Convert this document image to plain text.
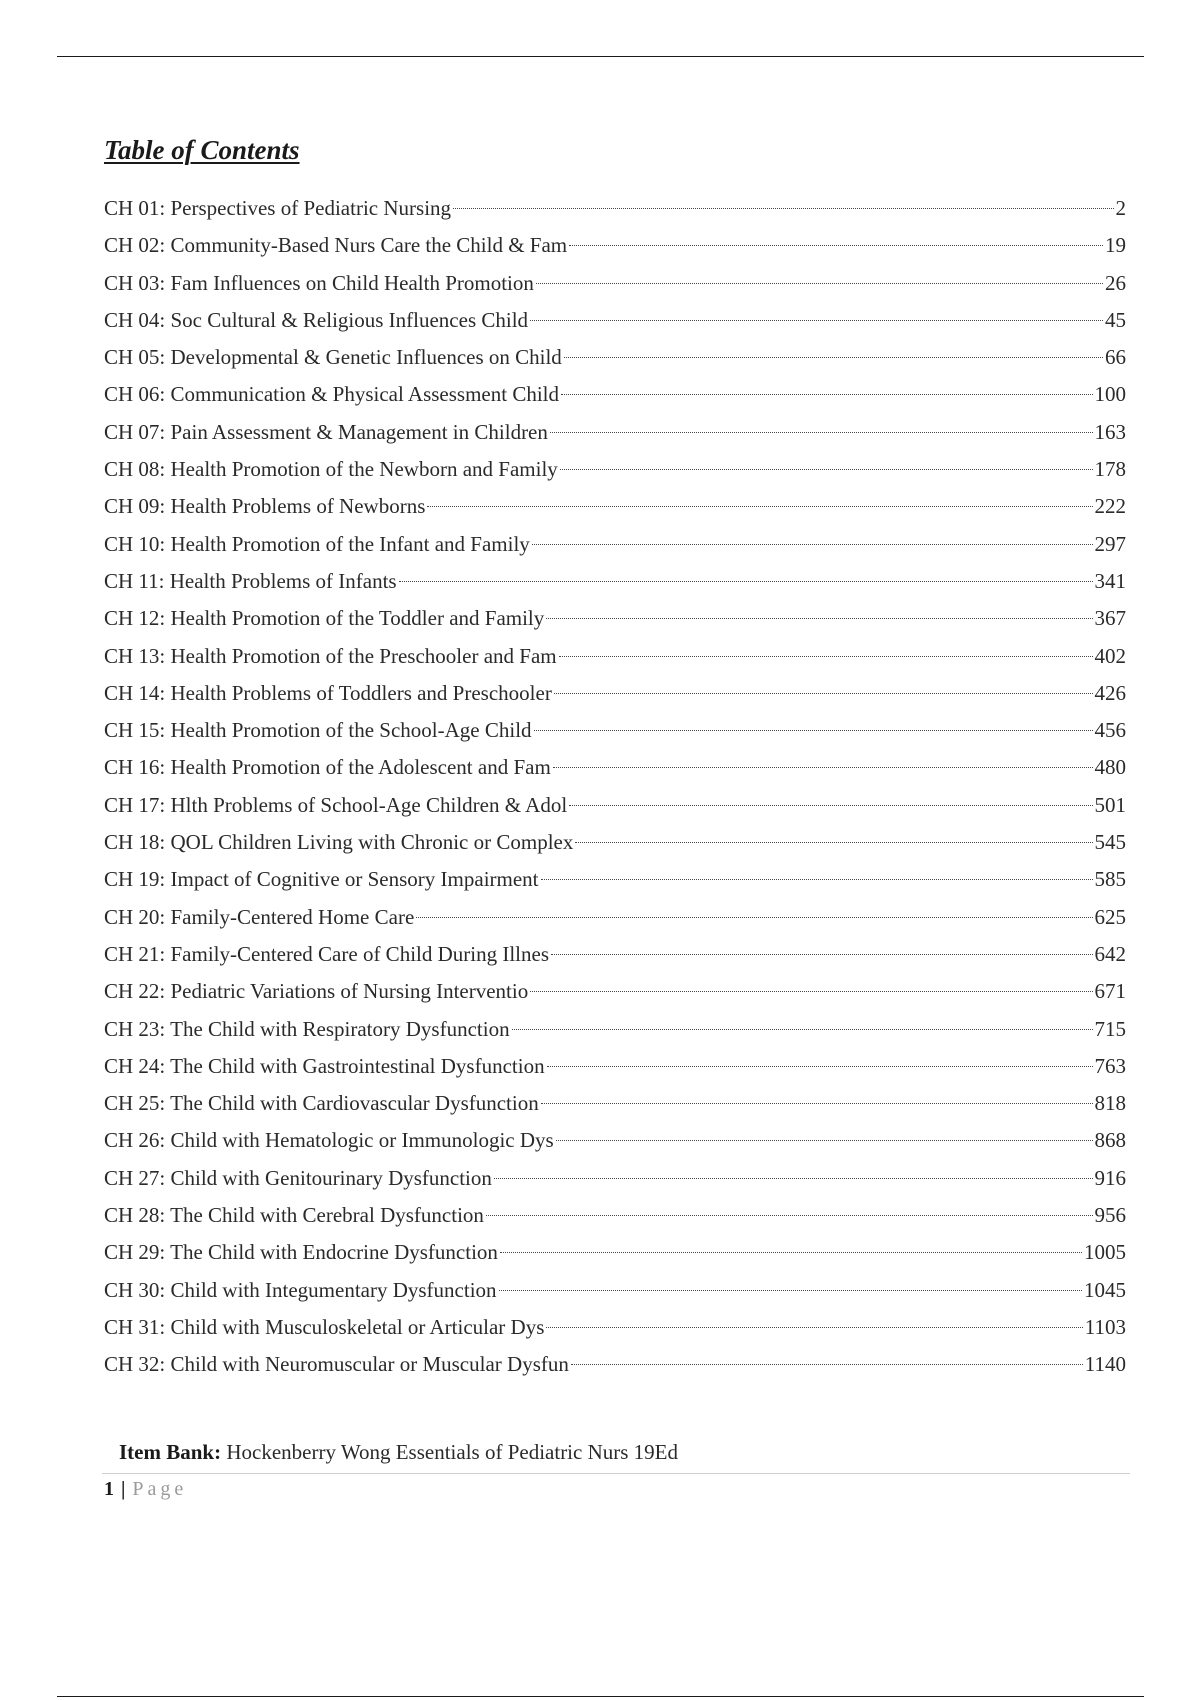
Table of Contents
CH 01: Perspectives of Pediatric Nursing	2
CH 02: Community-Based Nurs Care the Child & Fam	19
CH 03: Fam Influences on Child Health Promotion	26
CH 04: Soc Cultural & Religious Influences Child	45
CH 05: Developmental & Genetic Influences on Child	66
CH 06: Communication & Physical Assessment Child	100
CH 07: Pain Assessment & Management in Children	163
CH 08: Health Promotion of the Newborn and Family	178
CH 09: Health Problems of Newborns	222
CH 10: Health Promotion of the Infant and Family	297
CH 11: Health Problems of Infants	341
CH 12: Health Promotion of the Toddler and Family	367
CH 13: Health Promotion of the Preschooler and Fam	402
CH 14: Health Problems of Toddlers and Preschooler	426
CH 15: Health Promotion of the School-Age Child	456
CH 16: Health Promotion of the Adolescent and Fam	480
CH 17: Hlth Problems of School-Age Children & Adol	501
CH 18: QOL Children Living with Chronic or Complex	545
CH 19: Impact of Cognitive or Sensory Impairment	585
CH 20: Family-Centered Home Care	625
CH 21: Family-Centered Care of Child During Illnes	642
CH 22: Pediatric Variations of Nursing Interventio	671
CH 23: The Child with Respiratory Dysfunction	715
CH 24: The Child with Gastrointestinal Dysfunction	763
CH 25: The Child with Cardiovascular Dysfunction	818
CH 26: Child with Hematologic or Immunologic Dys	868
CH 27: Child with Genitourinary Dysfunction	916
CH 28: The Child with Cerebral Dysfunction	956
CH 29: The Child with Endocrine Dysfunction	1005
CH 30: Child with Integumentary Dysfunction	1045
CH 31: Child with Musculoskeletal or Articular Dys	1103
CH 32: Child with Neuromuscular or Muscular Dysfun	1140
Item Bank: Hockenberry Wong Essentials of Pediatric Nurs 19Ed
1 | Page
